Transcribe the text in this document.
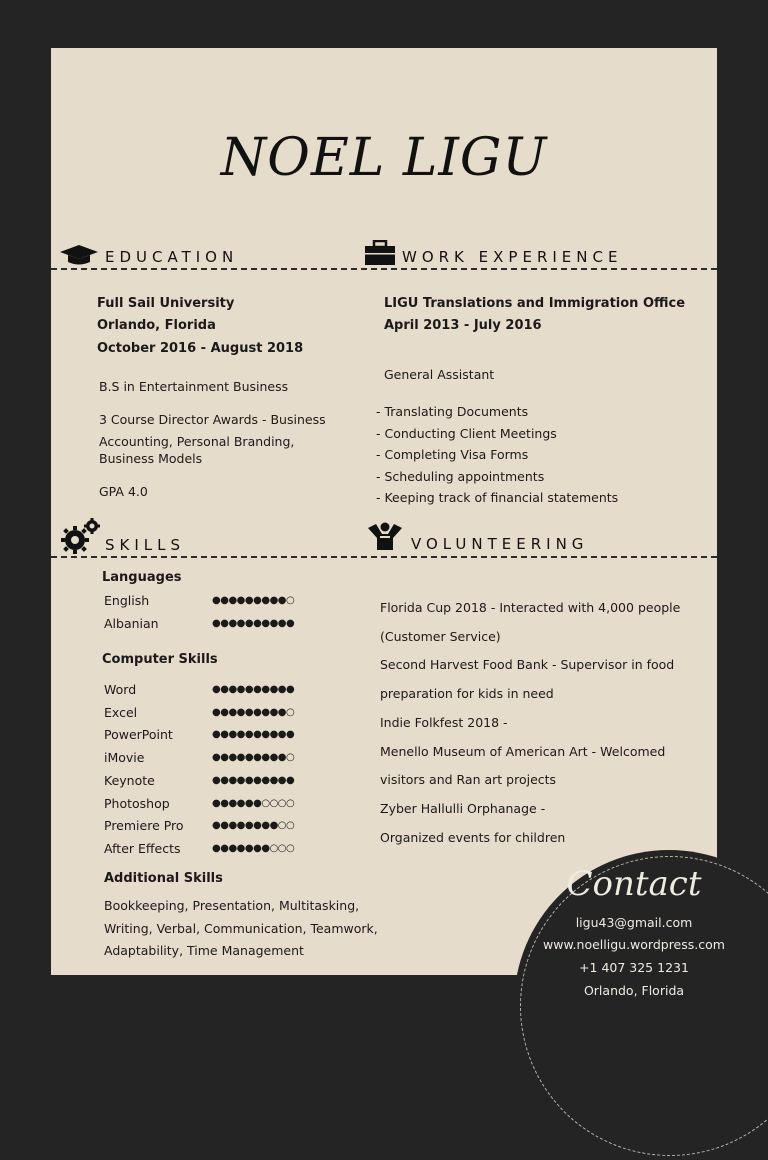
NOEL LIGU
EDUCATION	WORK EXPERIENCE
Full Sail University
Orlando, Florida
October 2016 - August 2018
B.S in Entertainment Business
3 Course Director Awards - Business
Accounting, Personal Branding,
Business Models
GPA 4.0
LIGU Translations and Immigration Office
April 2013 - July 2016
General Assistant
- Translating Documents
- Conducting Client Meetings
- Completing Visa Forms
- Scheduling appointments
- Keeping track of financial statements
SKILLS	VOLUNTEERING
Languages
English	●●●●●●●●●○
Albanian	●●●●●●●●●●
Computer Skills
Word	●●●●●●●●●●
Excel	●●●●●●●●●○
PowerPoint	●●●●●●●●●●
iMovie	●●●●●●●●●○
Keynote	●●●●●●●●●●
Photoshop	●●●●●●○○○○
Premiere Pro	●●●●●●●●○○
After Effects	●●●●●●●○○○
Additional Skills
Bookkeeping, Presentation, Multitasking,
Writing, Verbal, Communication, Teamwork,
Adaptability, Time Management
Florida Cup 2018 - Interacted with 4,000 people
(Customer Service)
Second Harvest Food Bank - Supervisor in food
preparation for kids in need
Indie Folkfest 2018 -
Menello Museum of American Art - Welcomed
visitors and Ran art projects
Zyber Hallulli Orphanage -
Organized events for children
Contact
ligu43@gmail.com
www.noelligu.wordpress.com
+1 407 325 1231
Orlando, Florida
